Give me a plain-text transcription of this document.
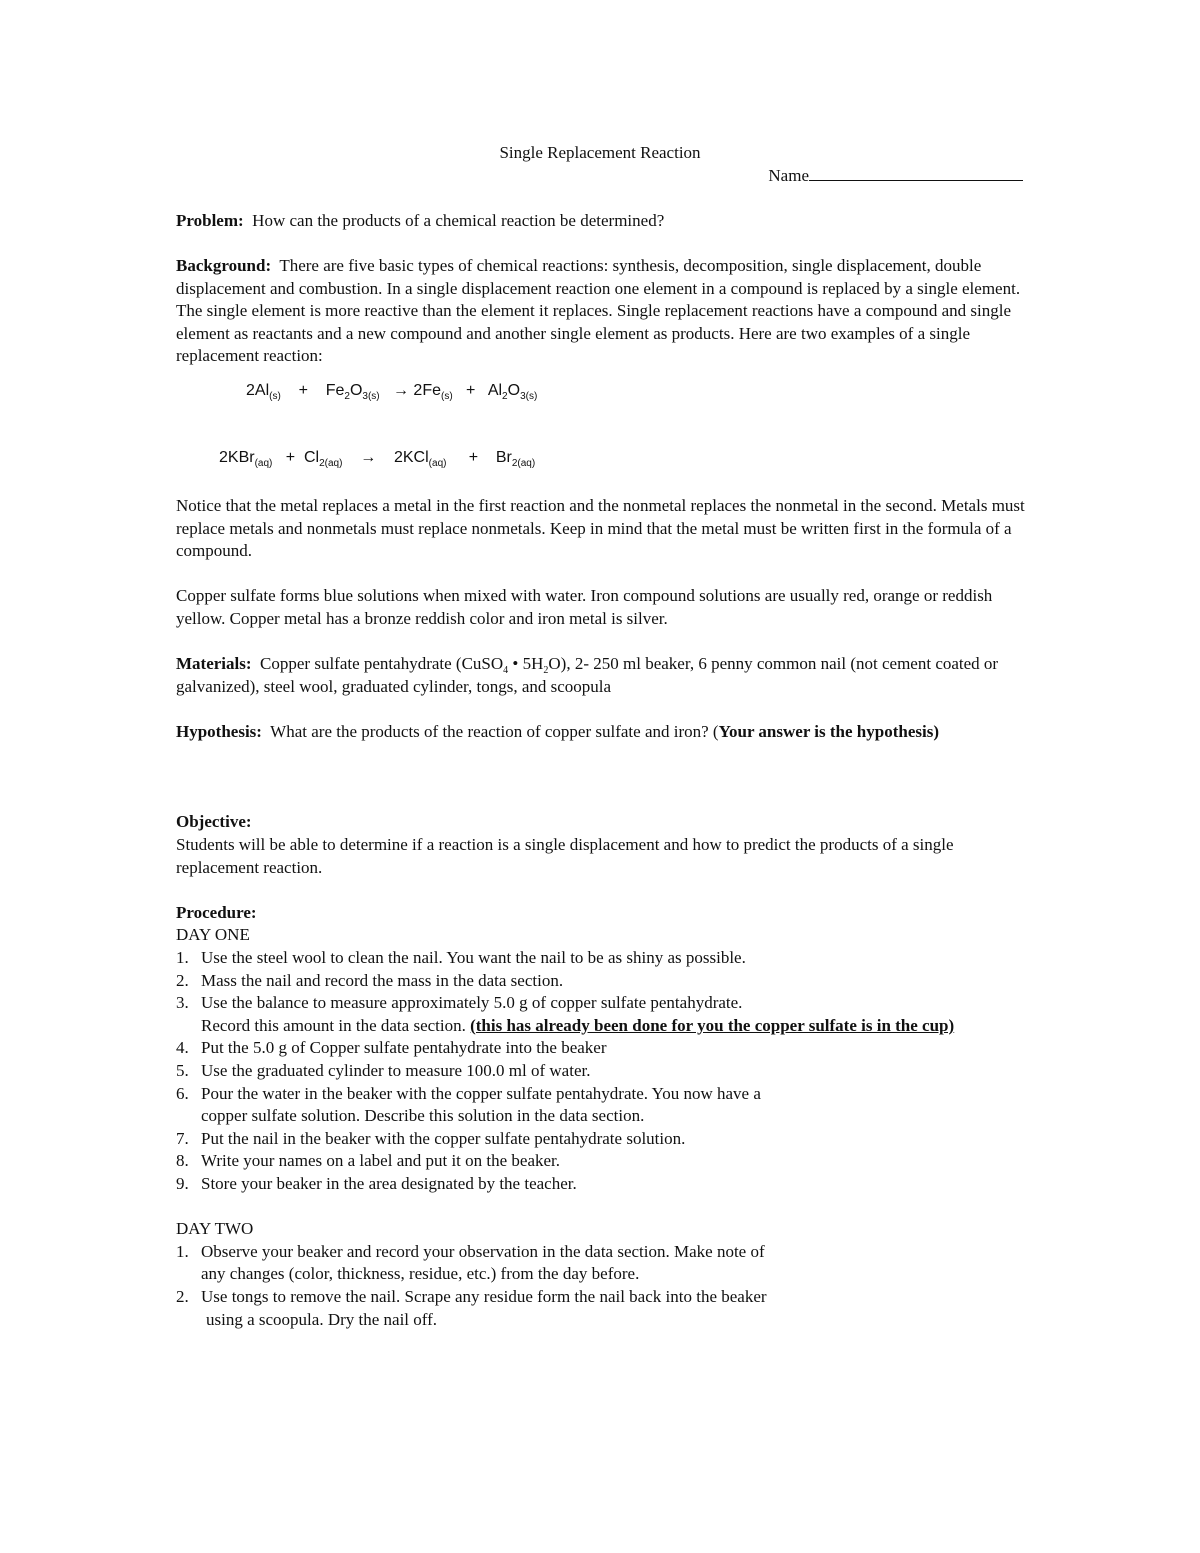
Single Replacement Reaction
Name

Problem: How can the products of a chemical reaction be determined?

Background: There are five basic types of chemical reactions: synthesis, decomposition, single displacement, double displacement and combustion. In a single displacement reaction one element in a compound is replaced by a single element. The single element is more reactive than the element it replaces. Single replacement reactions have a compound and single element as reactants and a new compound and another single element as products. Here are two examples of a single replacement reaction:

$2Al_{(s)} + Fe_2O_{3(s)} \to 2Fe_{(s)} + Al_2O_{3(s)}$
$2KBr_{(aq)} + Cl_{2(aq)} \to 2KCl_{(aq)} + Br_{2(aq)}$

Notice that the metal replaces a metal in the first reaction and the nonmetal replaces the nonmetal in the second. Metals must replace metals and nonmetals must replace nonmetals. Keep in mind that the metal must be written first in the formula of a compound.

Copper sulfate forms blue solutions when mixed with water. Iron compound solutions are usually red, orange or reddish yellow. Copper metal has a bronze reddish color and iron metal is silver.

Materials: Copper sulfate pentahydrate (CuSO$_4$ • $5H_2O$), 2- 250 ml beaker, 6 penny common nail (not cement coated or galvanized), steel wool, graduated cylinder, tongs, and scoopula

Hypothesis: What are the products of the reaction of copper sulfate and iron? (Your answer is the hypothesis)

Objective:
Students will be able to determine if a reaction is a single displacement and how to predict the products of a single replacement reaction.

Procedure:
DAY ONE
1. Use the steel wool to clean the nail. You want the nail to be as shiny as possible.
2. Mass the nail and record the mass in the data section.
3. Use the balance to measure approximately 5.0 g of copper sulfate pentahydrate.
Record this amount in the data section. (this has already been done for you the copper sulfate is in the cup)
4. Put the 5.0 g of Copper sulfate pentahydrate into the beaker
5. Use the graduated cylinder to measure 100.0 ml of water.
6. Pour the water in the beaker with the copper sulfate pentahydrate. You now have a
copper sulfate solution. Describe this solution in the data section.
7. Put the nail in the beaker with the copper sulfate pentahydrate solution.
8. Write your names on a label and put it on the beaker.
9. Store your beaker in the area designated by the teacher.
DAY TWO
1. Observe your beaker and record your observation in the data section. Make note of
any changes (color, thickness, residue, etc.) from the day before.
2. Use tongs to remove the nail. Scrape any residue form the nail back into the beaker
using a scoopula. Dry the nail off.
